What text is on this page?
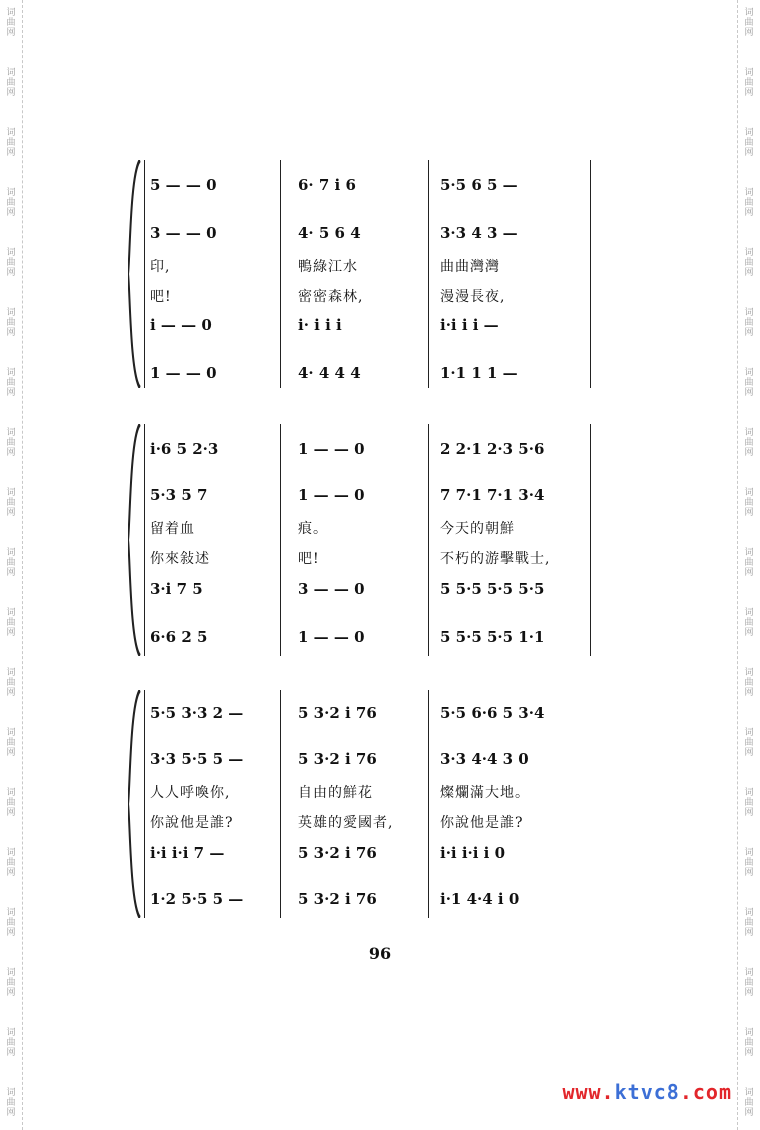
词
曲
网
词
曲
网
词
曲
网
词
曲
网
词
曲
网
词
曲
网
词
曲
网
词
曲
网
词
曲
网
词
曲
网
词
曲
网
词
曲
网
词
曲
网
词
曲
网
词
曲
网
词
曲
网
词
曲
网
词
曲
网
词
曲
网
词
曲
网
词
曲
网
词
曲
网
词
曲
网
词
曲
网
词
曲
网
词
曲
网
词
曲
网
词
曲
网
词
曲
网
词
曲
网
词
曲
网
词
曲
网
词
曲
网
词
曲
网
词
曲
网
词
曲
网
词
曲
网
词
曲
网
5 — — 0	6· 7 i 6	5·5 6 5 —
3 — — 0	4· 5 6 4	3·3 4 3 —
印,	鴨綠江水	曲曲灣灣
吧!	密密森林,	漫漫長夜,
i — — 0	i· i i i	i·i i i —
1 — — 0	4· 4 4 4	1·1 1 1 —
i·6 5 2·3	1 — — 0	2 2·1 2·3 5·6
5·3 5 7	1 — — 0	7 7·1 7·1 3·4
留着血	痕。	今天的朝鮮
你來敍述	吧!	不朽的游擊戰士,
3·i 7 5	3 — — 0	5 5·5 5·5 5·5
6·6 2 5	1 — — 0	5 5·5 5·5 1·1
5·5 3·3 2 —	5 3·2 i 76	5·5 6·6 5 3·4
3·3 5·5 5 —	5 3·2 i 76	3·3 4·4 3 0
人人呼喚你,	自由的鮮花	燦爛滿大地。
你說他是誰?	英雄的愛國者,	你說他是誰?
i·i i·i 7 —	5 3·2 i 76	i·i i·i i 0
1·2 5·5 5 —	5 3·2 i 76	i·1 4·4 i 0
96
www.ktvc8.com
